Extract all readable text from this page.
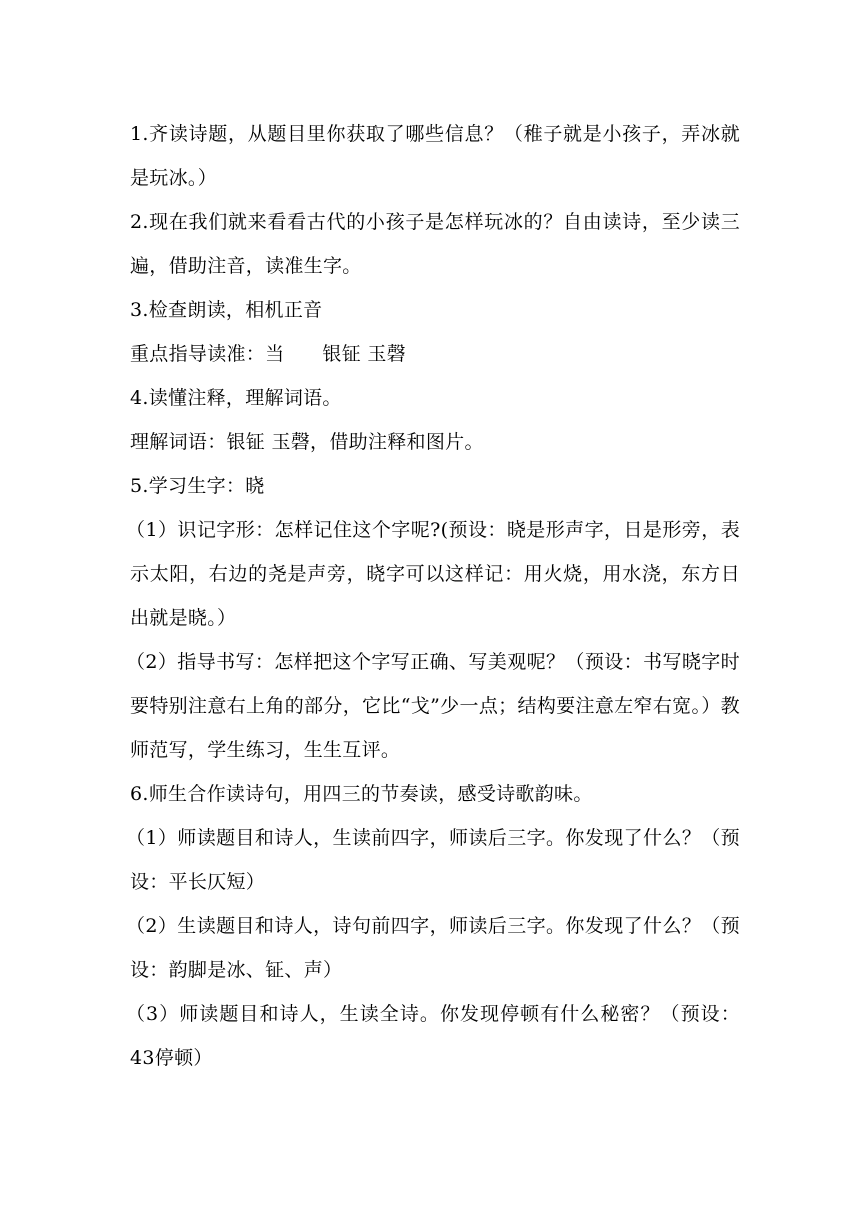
1.齐读诗题，从题目里你获取了哪些信息？（稚子就是小孩子，弄冰就是玩冰。）

2.现在我们就来看看古代的小孩子是怎样玩冰的？自由读诗，至少读三遍，借助注音，读准生字。

3.检查朗读，相机正音

重点指导读准：当 银钲 玉磬

4.读懂注释，理解词语。

理解词语：银钲 玉磬，借助注释和图片。

5.学习生字：晓

（1）识记字形：怎样记住这个字呢?(预设：晓是形声字，日是形旁，表示太阳，右边的尧是声旁，晓字可以这样记：用火烧，用水浇，东方日出就是晓。）

（2）指导书写：怎样把这个字写正确、写美观呢？（预设：书写晓字时要特别注意右上角的部分，它比“戈”少一点；结构要注意左窄右宽。）教师范写，学生练习，生生互评。

6.师生合作读诗句，用四三的节奏读，感受诗歌韵味。

（1）师读题目和诗人，生读前四字，师读后三字。你发现了什么？（预设：平长仄短）

（2）生读题目和诗人，诗句前四字，师读后三字。你发现了什么？（预设：韵脚是冰、钲、声）

（3）师读题目和诗人，生读全诗。你发现停顿有什么秘密？（预设：43停顿）
